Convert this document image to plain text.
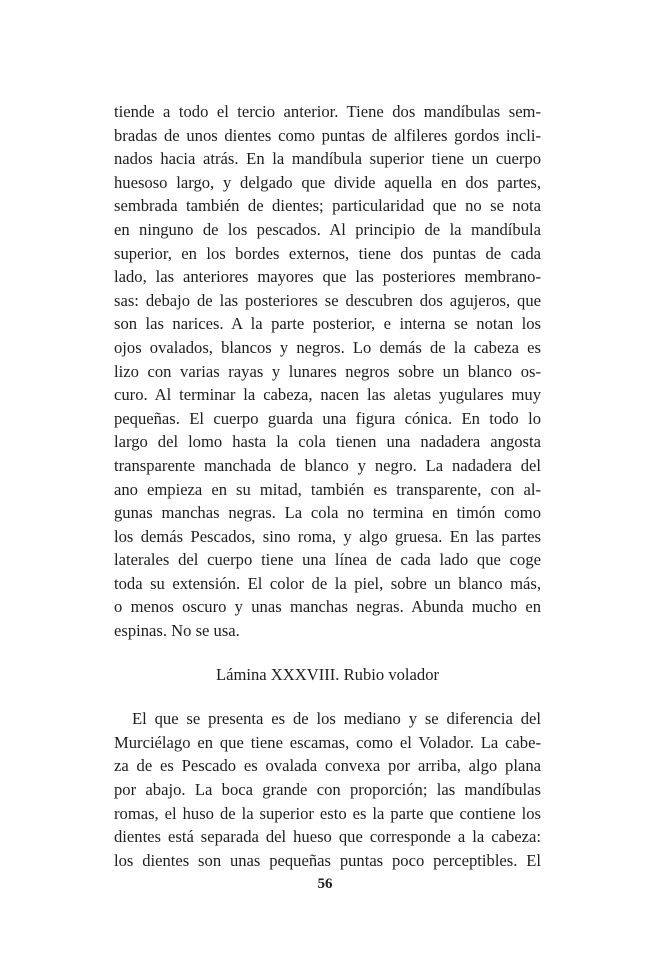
tiende a todo el tercio anterior. Tiene dos mandíbulas sem-
bradas de unos dientes como puntas de alfileres gordos incli-
nados hacia atrás. En la mandíbula superior tiene un cuerpo
huesoso largo, y delgado que divide aquella en dos partes,
sembrada también de dientes; particularidad que no se nota
en ninguno de los pescados. Al principio de la mandíbula
superior, en los bordes externos, tiene dos puntas de cada
lado, las anteriores mayores que las posteriores membrano-
sas: debajo de las posteriores se descubren dos agujeros, que
son las narices. A la parte posterior, e interna se notan los
ojos ovalados, blancos y negros. Lo demás de la cabeza es
lizo con varias rayas y lunares negros sobre un blanco os-
curo. Al terminar la cabeza, nacen las aletas yugulares muy
pequeñas. El cuerpo guarda una figura cónica. En todo lo
largo del lomo hasta la cola tienen una nadadera angosta
transparente manchada de blanco y negro. La nadadera del
ano empieza en su mitad, también es transparente, con al-
gunas manchas negras. La cola no termina en timón como
los demás Pescados, sino roma, y algo gruesa. En las partes
laterales del cuerpo tiene una línea de cada lado que coge
toda su extensión. El color de la piel, sobre un blanco más,
o menos oscuro y unas manchas negras. Abunda mucho en
espinas. No se usa.
Lámina XXXVIII. Rubio volador
El que se presenta es de los mediano y se diferencia del
Murciélago en que tiene escamas, como el Volador. La cabe-
za de es Pescado es ovalada convexa por arriba, algo plana
por abajo. La boca grande con proporción; las mandíbulas
romas, el huso de la superior esto es la parte que contiene los
dientes está separada del hueso que corresponde a la cabeza:
los dientes son unas pequeñas puntas poco perceptibles. El
56
